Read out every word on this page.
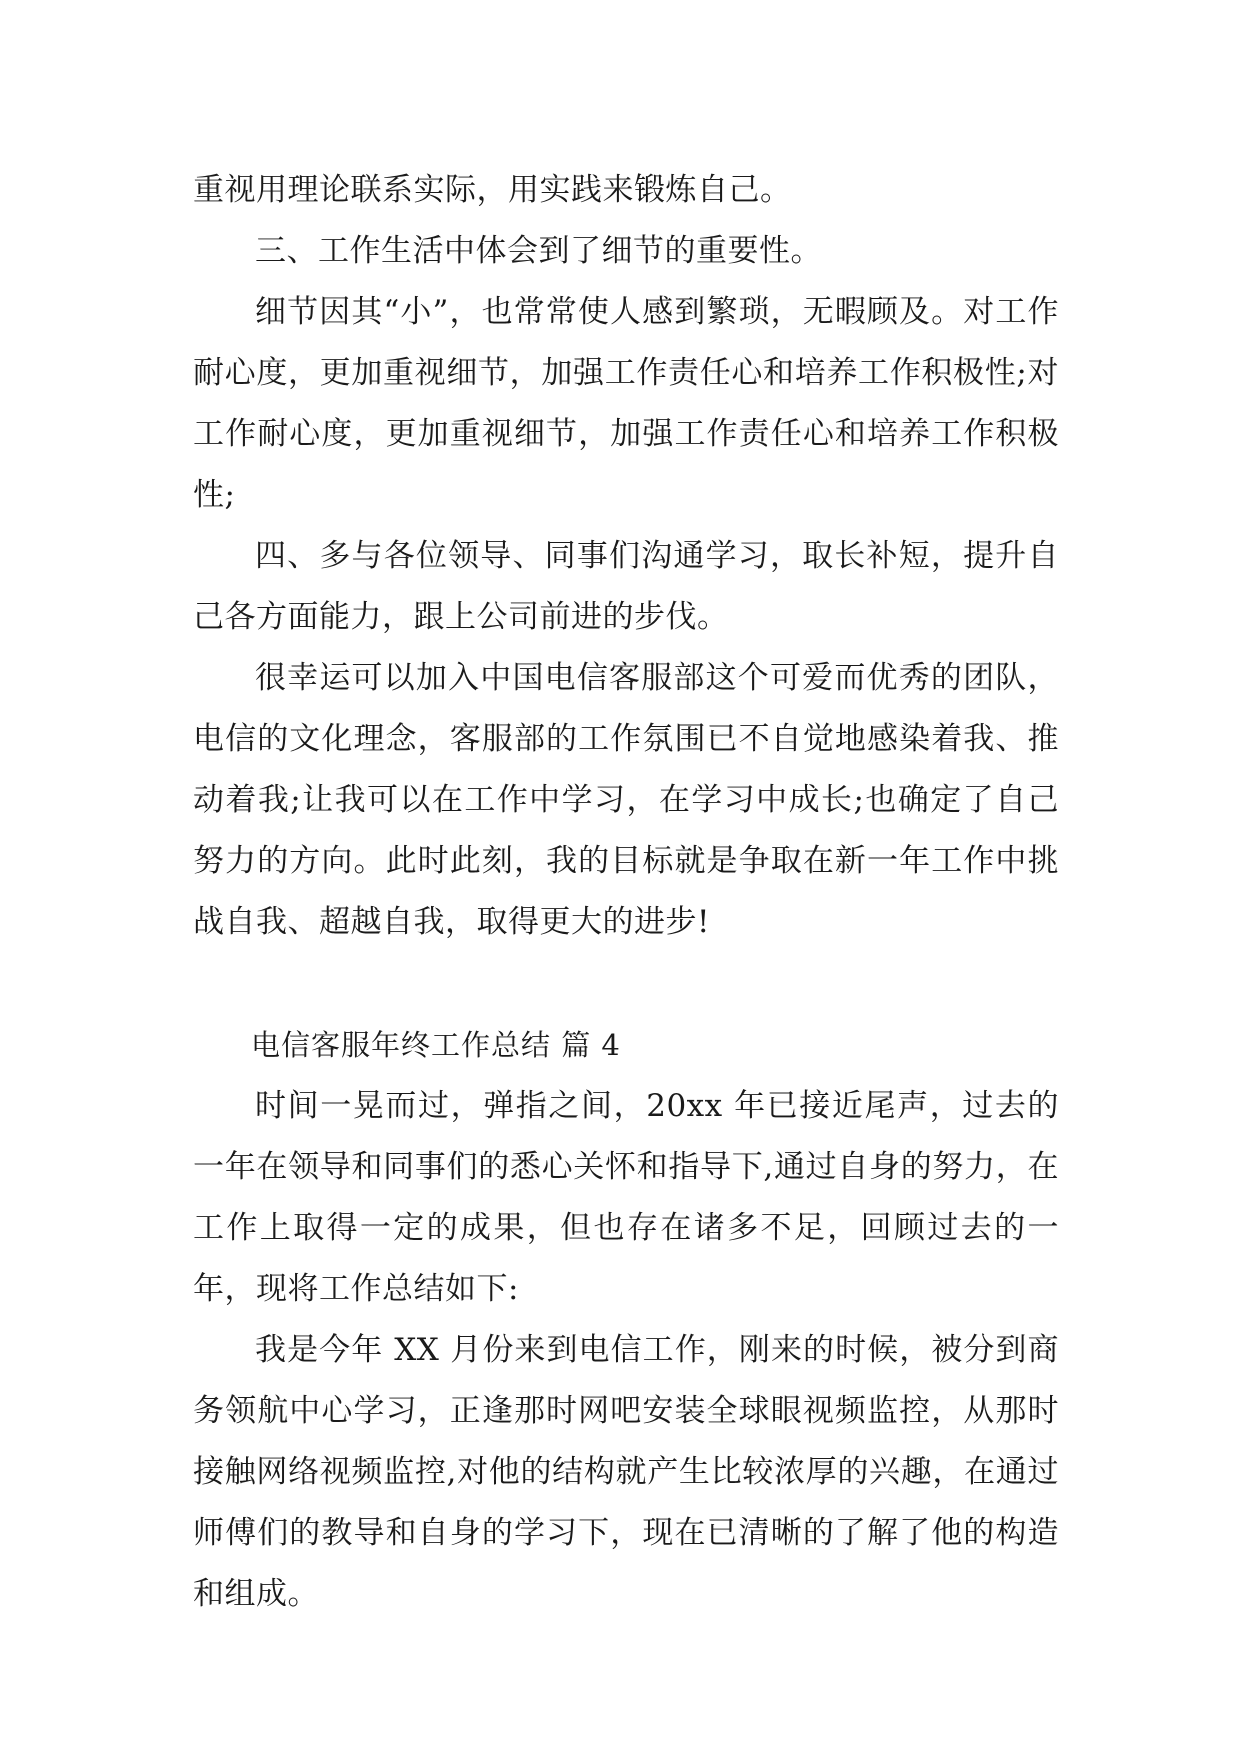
重视用理论联系实际，用实践来锻炼自己。

三、工作生活中体会到了细节的重要性。

细节因其“小”，也常常使人感到繁琐，无暇顾及。对工作耐心度，更加重视细节，加强工作责任心和培养工作积极性;对工作耐心度，更加重视细节，加强工作责任心和培养工作积极性;

四、多与各位领导、同事们沟通学习，取长补短，提升自己各方面能力，跟上公司前进的步伐。

很幸运可以加入中国电信客服部这个可爱而优秀的团队，电信的文化理念，客服部的工作氛围已不自觉地感染着我、推动着我;让我可以在工作中学习，在学习中成长;也确定了自己努力的方向。此时此刻，我的目标就是争取在新一年工作中挑战自我、超越自我，取得更大的进步!

电信客服年终工作总结 篇 4

时间一晃而过，弹指之间，20xx 年已接近尾声，过去的一年在领导和同事们的悉心关怀和指导下,通过自身的努力，在工作上取得一定的成果，但也存在诸多不足，回顾过去的一年，现将工作总结如下:

我是今年 XX 月份来到电信工作，刚来的时候，被分到商务领航中心学习，正逢那时网吧安装全球眼视频监控，从那时接触网络视频监控,对他的结构就产生比较浓厚的兴趣，在通过师傅们的教导和自身的学习下，现在已清晰的了解了他的构造和组成。
